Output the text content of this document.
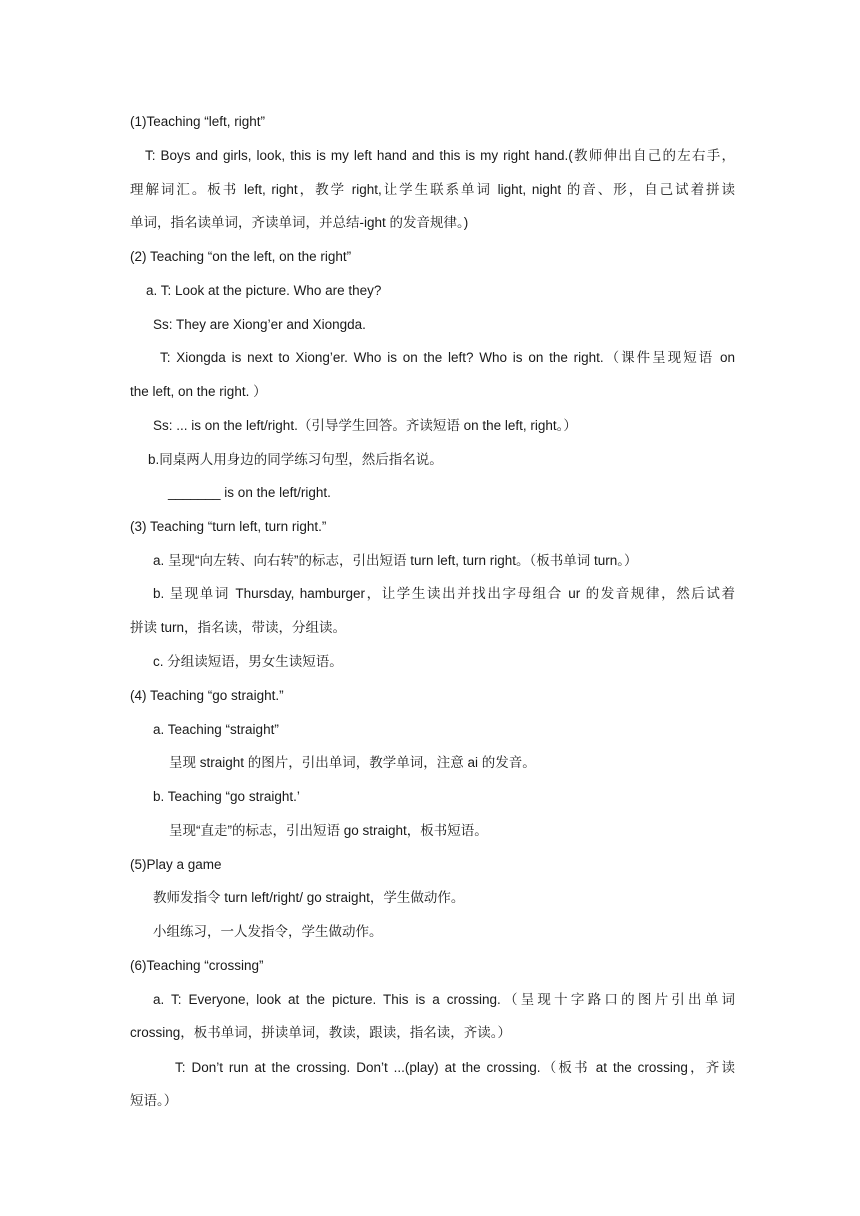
(1)Teaching “left, right”
T: Boys and girls, look, this is my left hand and this is my right hand.(教师伸出自己的左右手，
理解词汇。板书 left, right，教学 right,让学生联系单词 light, night 的音、形，自己试着拼读
单词，指名读单词，齐读单词，并总结-ight 的发音规律。)
(2) Teaching “on the left, on the right”
a. T: Look at the picture. Who are they?
Ss: They are Xiong’er and Xiongda.
T: Xiongda is next to Xiong’er. Who is on the left? Who is on the right.（课件呈现短语 on
the left, on the right. ）
Ss: ... is on the left/right.（引导学生回答。齐读短语 on the left, right。）
b.同桌两人用身边的同学练习句型，然后指名说。
_______ is on the left/right.
(3) Teaching “turn left, turn right.”
a. 呈现“向左转、向右转”的标志，引出短语 turn left, turn right。（板书单词 turn。）
b. 呈现单词 Thursday, hamburger，让学生读出并找出字母组合 ur 的发音规律，然后试着
拼读 turn，指名读，带读，分组读。
c. 分组读短语，男女生读短语。
(4) Teaching “go straight.”
a. Teaching “straight”
呈现 straight 的图片，引出单词，教学单词，注意 ai 的发音。
b. Teaching “go straight.’
呈现“直走”的标志，引出短语 go straight，板书短语。
(5)Play a game
教师发指令 turn left/right/ go straight，学生做动作。
小组练习，一人发指令，学生做动作。
(6)Teaching “crossing”
a. T: Everyone, look at the picture. This is a crossing.（呈现十字路口的图片引出单词
crossing，板书单词，拼读单词，教读，跟读，指名读，齐读。）
T: Don’t run at the crossing. Don’t ...(play) at the crossing.（板书 at the crossing，齐读
短语。）
